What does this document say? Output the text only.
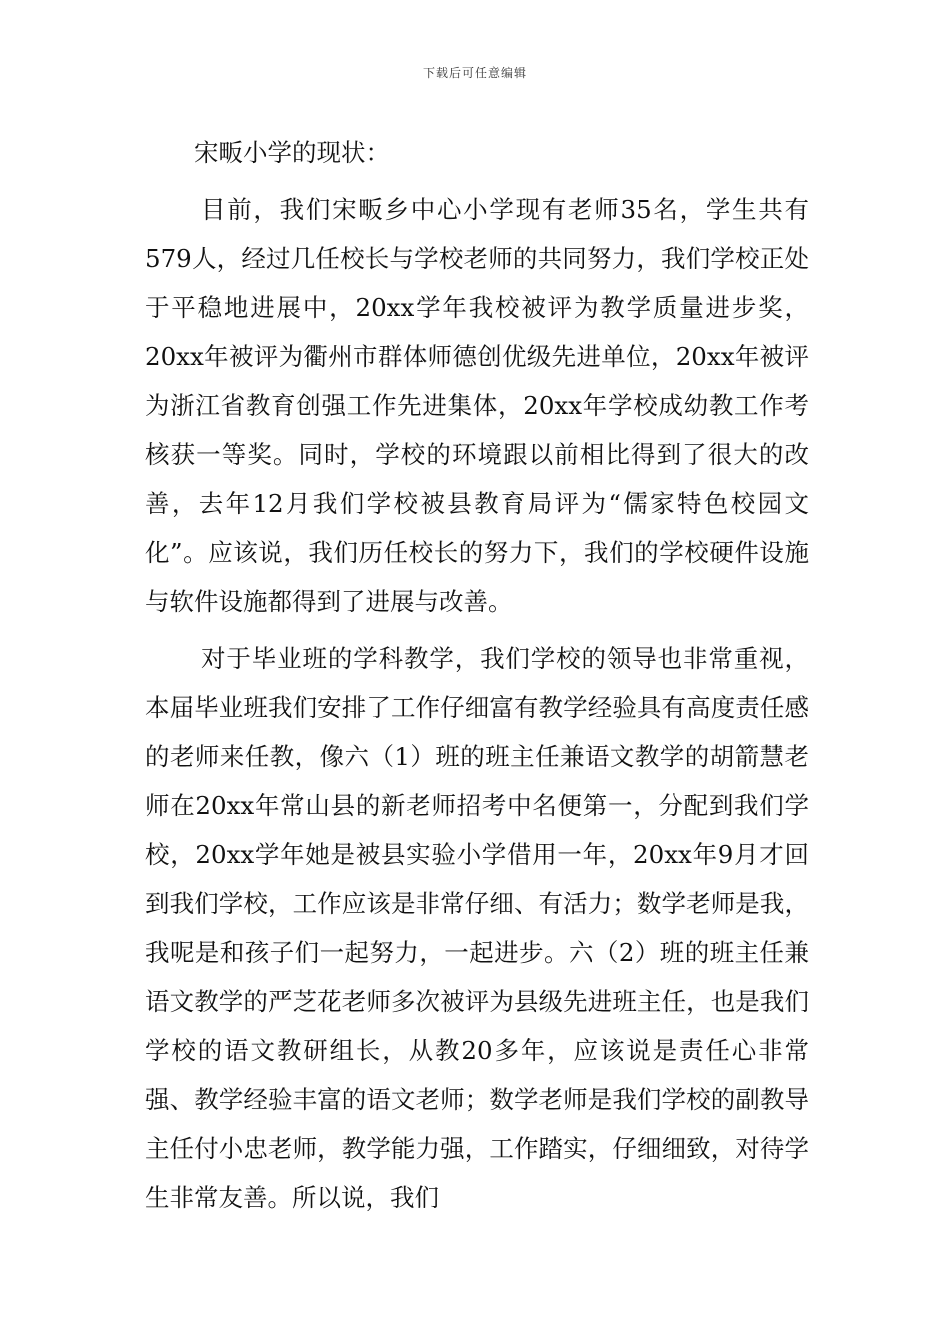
下载后可任意编辑

宋畈小学的现状：

目前，我们宋畈乡中心小学现有老师35名，学生共有579人，经过几任校长与学校老师的共同努力，我们学校正处于平稳地进展中，20xx学年我校被评为教学质量进步奖，20xx年被评为衢州市群体师德创优级先进单位，20xx年被评为浙江省教育创强工作先进集体，20xx年学校成幼教工作考核获一等奖。同时，学校的环境跟以前相比得到了很大的改善，去年12月我们学校被县教育局评为“儒家特色校园文化”。应该说，我们历任校长的努力下，我们的学校硬件设施与软件设施都得到了进展与改善。

对于毕业班的学科教学，我们学校的领导也非常重视，本届毕业班我们安排了工作仔细富有教学经验具有高度责任感的老师来任教，像六（1）班的班主任兼语文教学的胡箭慧老师在20xx年常山县的新老师招考中名便第一，分配到我们学校，20xx学年她是被县实验小学借用一年，20xx年9月才回到我们学校，工作应该是非常仔细、有活力；数学老师是我，我呢是和孩子们一起努力，一起进步。六（2）班的班主任兼语文教学的严芝花老师多次被评为县级先进班主任，也是我们学校的语文教研组长，从教20多年，应该说是责任心非常强、教学经验丰富的语文老师；数学老师是我们学校的副教导主任付小忠老师，教学能力强，工作踏实，仔细细致，对待学生非常友善。所以说，我们
